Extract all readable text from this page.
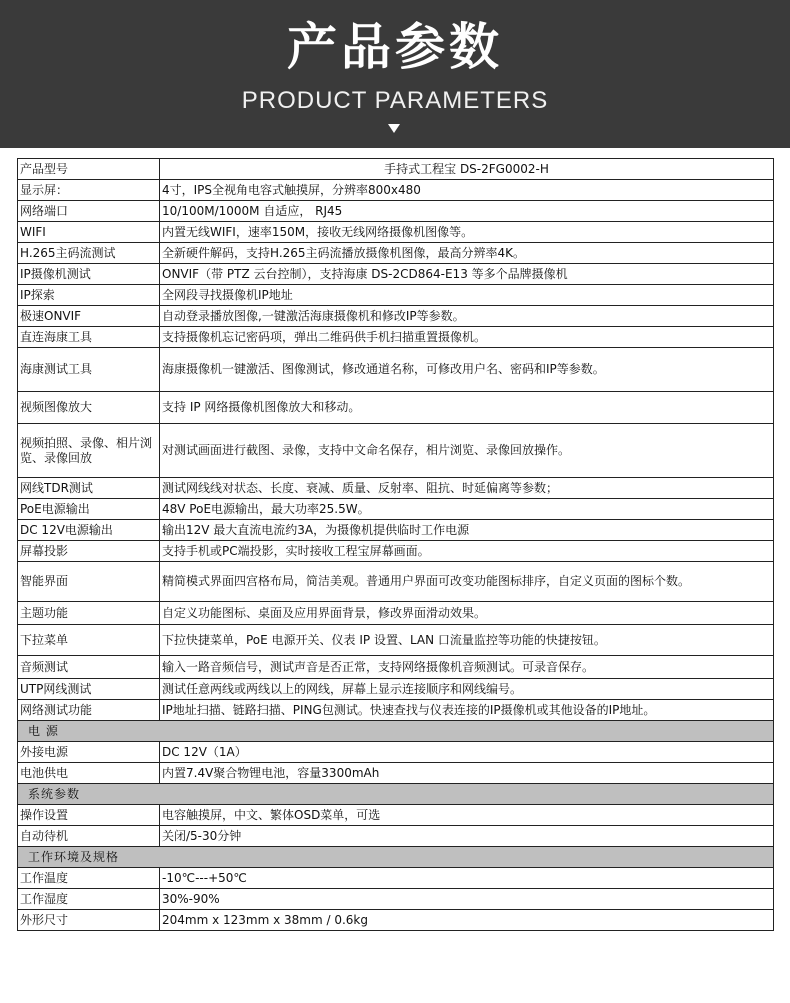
产品参数
PRODUCT PARAMETERS
产品型号	手持式工程宝 DS-2FG0002-H
显示屏：	4寸，IPS全视角电容式触摸屏，分辨率800x480
网络端口	10/100M/1000M 自适应， RJ45
WIFI	内置无线WIFI，速率150M，接收无线网络摄像机图像等。
H.265主码流测试	全新硬件解码，支持H.265主码流播放摄像机图像，最高分辨率4K。
IP摄像机测试	ONVIF（带 PTZ 云台控制），支持海康 DS-2CD864-E13 等多个品牌摄像机
IP探索	全网段寻找摄像机IP地址
极速ONVIF	自动登录播放图像,一键激活海康摄像机和修改IP等参数。
直连海康工具	支持摄像机忘记密码项，弹出二维码供手机扫描重置摄像机。
海康测试工具	海康摄像机一键激活、图像测试，修改通道名称，可修改用户名、密码和IP等参数。
视频图像放大	支持 IP 网络摄像机图像放大和移动。
视频拍照、录像、相片浏览、录像回放	对测试画面进行截图、录像，支持中文命名保存，相片浏览、录像回放操作。
网线TDR测试	测试网线线对状态、长度、衰减、质量、反射率、阻抗、时延偏离等参数；
PoE电源输出	48V PoE电源输出，最大功率25.5W。
DC 12V电源输出	输出12V 最大直流电流约3A，为摄像机提供临时工作电源
屏幕投影	支持手机或PC端投影，实时接收工程宝屏幕画面。
智能界面	精简模式界面四宫格布局，简洁美观。普通用户界面可改变功能图标排序，自定义页面的图标个数。
主题功能	自定义功能图标、桌面及应用界面背景，修改界面滑动效果。
下拉菜单	下拉快捷菜单，PoE 电源开关、仪表 IP 设置、LAN 口流量监控等功能的快捷按钮。
音频测试	输入一路音频信号，测试声音是否正常，支持网络摄像机音频测试。可录音保存。
UTP网线测试	测试任意两线或两线以上的网线，屏幕上显示连接顺序和网线编号。
网络测试功能	IP地址扫描、链路扫描、PING包测试。快速查找与仪表连接的IP摄像机或其他设备的IP地址。
电 源	
外接电源	DC 12V（1A）
电池供电	内置7.4V聚合物锂电池，容量3300mAh
系统参数	
操作设置	电容触摸屏，中文、繁体OSD菜单，可选
自动待机	关闭/5-30分钟
工作环境及规格	
工作温度	-10℃---+50℃
工作湿度	30%-90%
外形尺寸	204mm x 123mm x 38mm / 0.6kg
